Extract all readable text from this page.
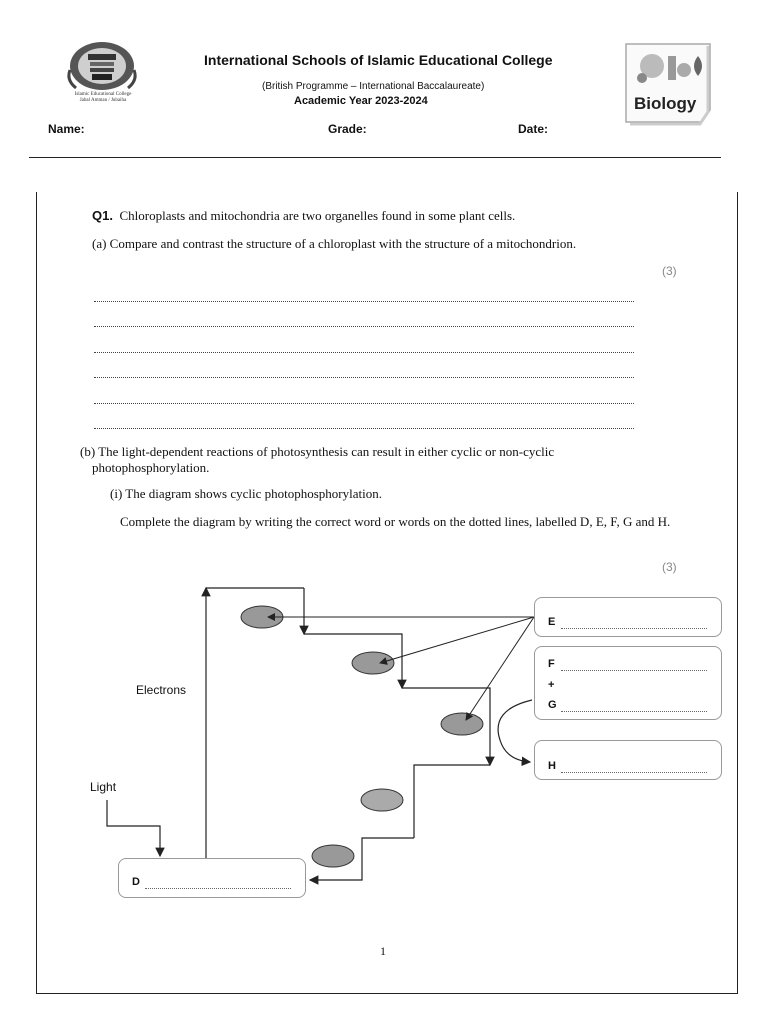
Islamic Educational College
Jabal Amman / Jubaiha
International Schools of Islamic Educational College
(British Programme – International Baccalaureate)
Academic Year 2023-2024	Biology
Name:	Grade:	Date:
Q1. Chloroplasts and mitochondria are two organelles found in some plant cells.
(a) Compare and contrast the structure of a chloroplast with the structure of a mitochondrion.
(3)
(b) The light-dependent reactions of photosynthesis can result in either cyclic or non-cyclic photophosphorylation.
(i) The diagram shows cyclic photophosphorylation.
Complete the diagram by writing the correct word or words on the dotted lines, labelled D, E, F, G and H.
(3)
Electrons
Light
D
E
F
+
G
H
1
